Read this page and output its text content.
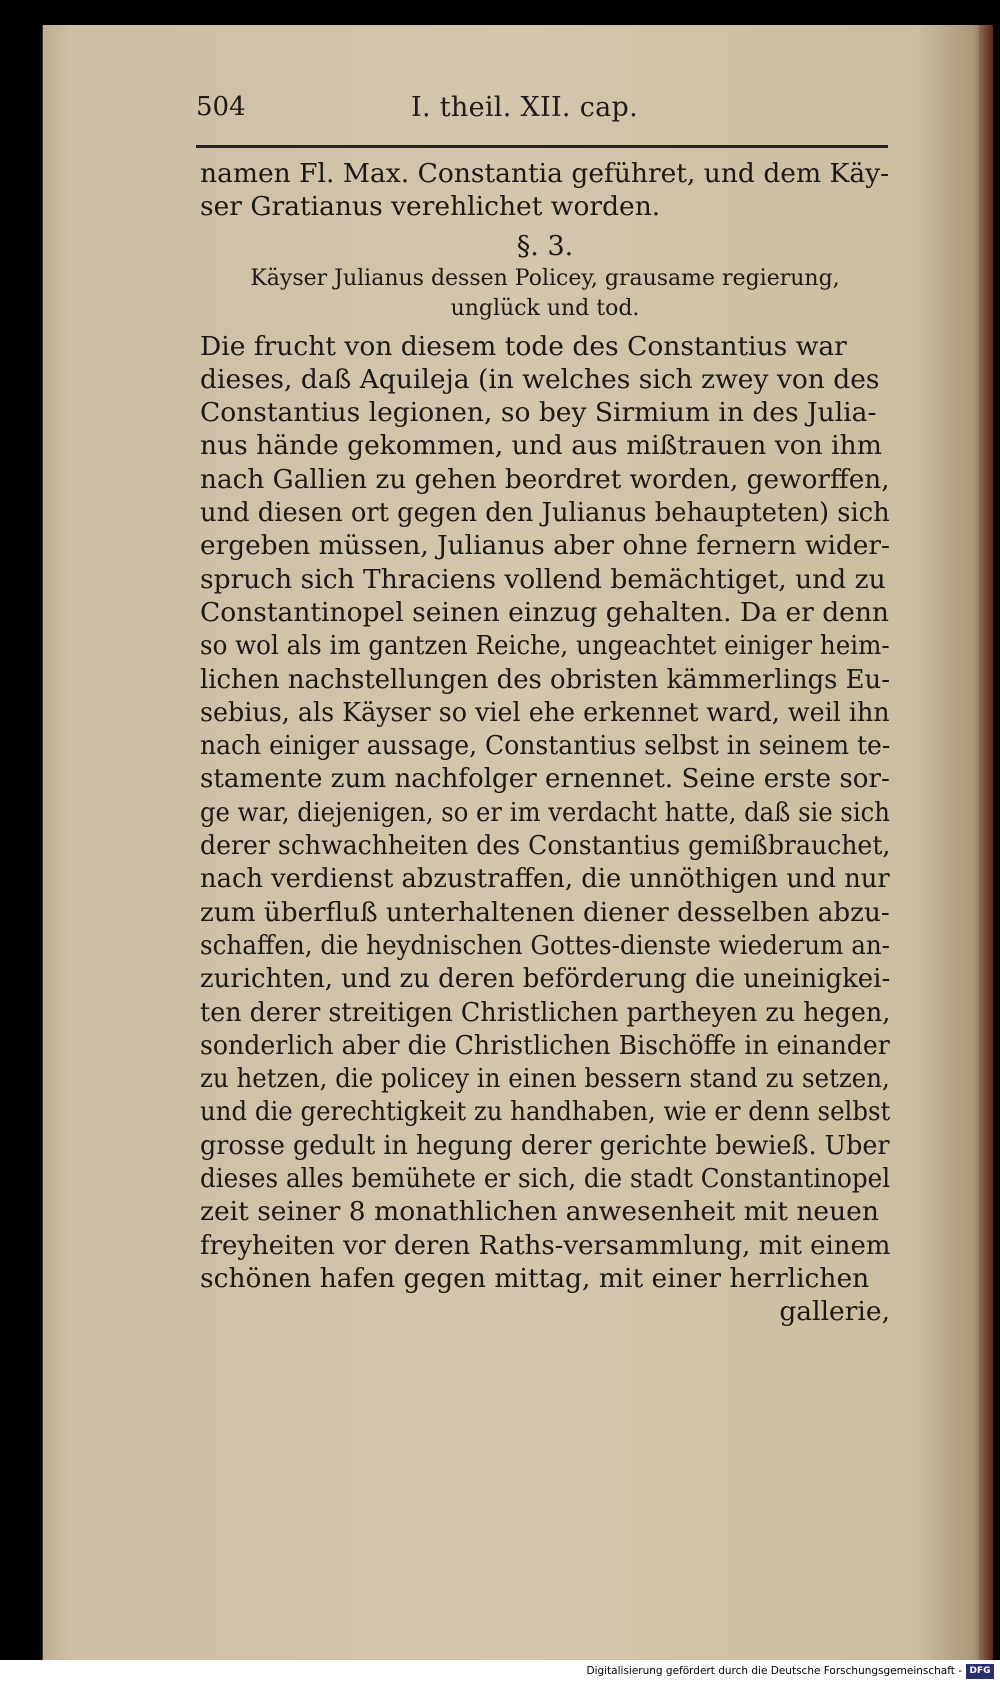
504	I. theil. XII. cap.
namen Fl. Max. Constantia geführet, und dem Käy-
ser Gratianus verehlichet worden.
§. 3.
Käyser Julianus dessen Policey, grausame regierung,
unglück und tod.
Die frucht von diesem tode des Constantius war
dieses, daß Aquileja (in welches sich zwey von des
Constantius legionen, so bey Sirmium in des Julia-
nus hände gekommen, und aus mißtrauen von ihm
nach Gallien zu gehen beordret worden, geworffen,
und diesen ort gegen den Julianus behaupteten) sich
ergeben müssen, Julianus aber ohne fernern wider-
spruch sich Thraciens vollend bemächtiget, und zu
Constantinopel seinen einzug gehalten. Da er denn
so wol als im gantzen Reiche, ungeachtet einiger heim-
lichen nachstellungen des obristen kämmerlings Eu-
sebius, als Käyser so viel ehe erkennet ward, weil ihn
nach einiger aussage, Constantius selbst in seinem te-
stamente zum nachfolger ernennet. Seine erste sor-
ge war, diejenigen, so er im verdacht hatte, daß sie sich
derer schwachheiten des Constantius gemißbrauchet,
nach verdienst abzustraffen, die unnöthigen und nur
zum überfluß unterhaltenen diener desselben abzu-
schaffen, die heydnischen Gottes-dienste wiederum an-
zurichten, und zu deren beförderung die uneinigkei-
ten derer streitigen Christlichen parthеyen zu hegen,
sonderlich aber die Christlichen Bischöffe in einander
zu hetzen, die policey in einen bessern stand zu setzen,
und die gerechtigkeit zu handhaben, wie er denn selbst
grosse gedult in hegung derer gerichte bewieß. Uber
dieses alles bemühete er sich, die stadt Constantinopel
zeit seiner 8 monathlichen anwesenheit mit neuen
freyheiten vor deren Raths-versammlung, mit einem
schönen hafen gegen mittag, mit einer herrlichen
gallerie,
Digitalisierung gefördert durch die Deutsche Forschungsgemeinschaft - DFG
